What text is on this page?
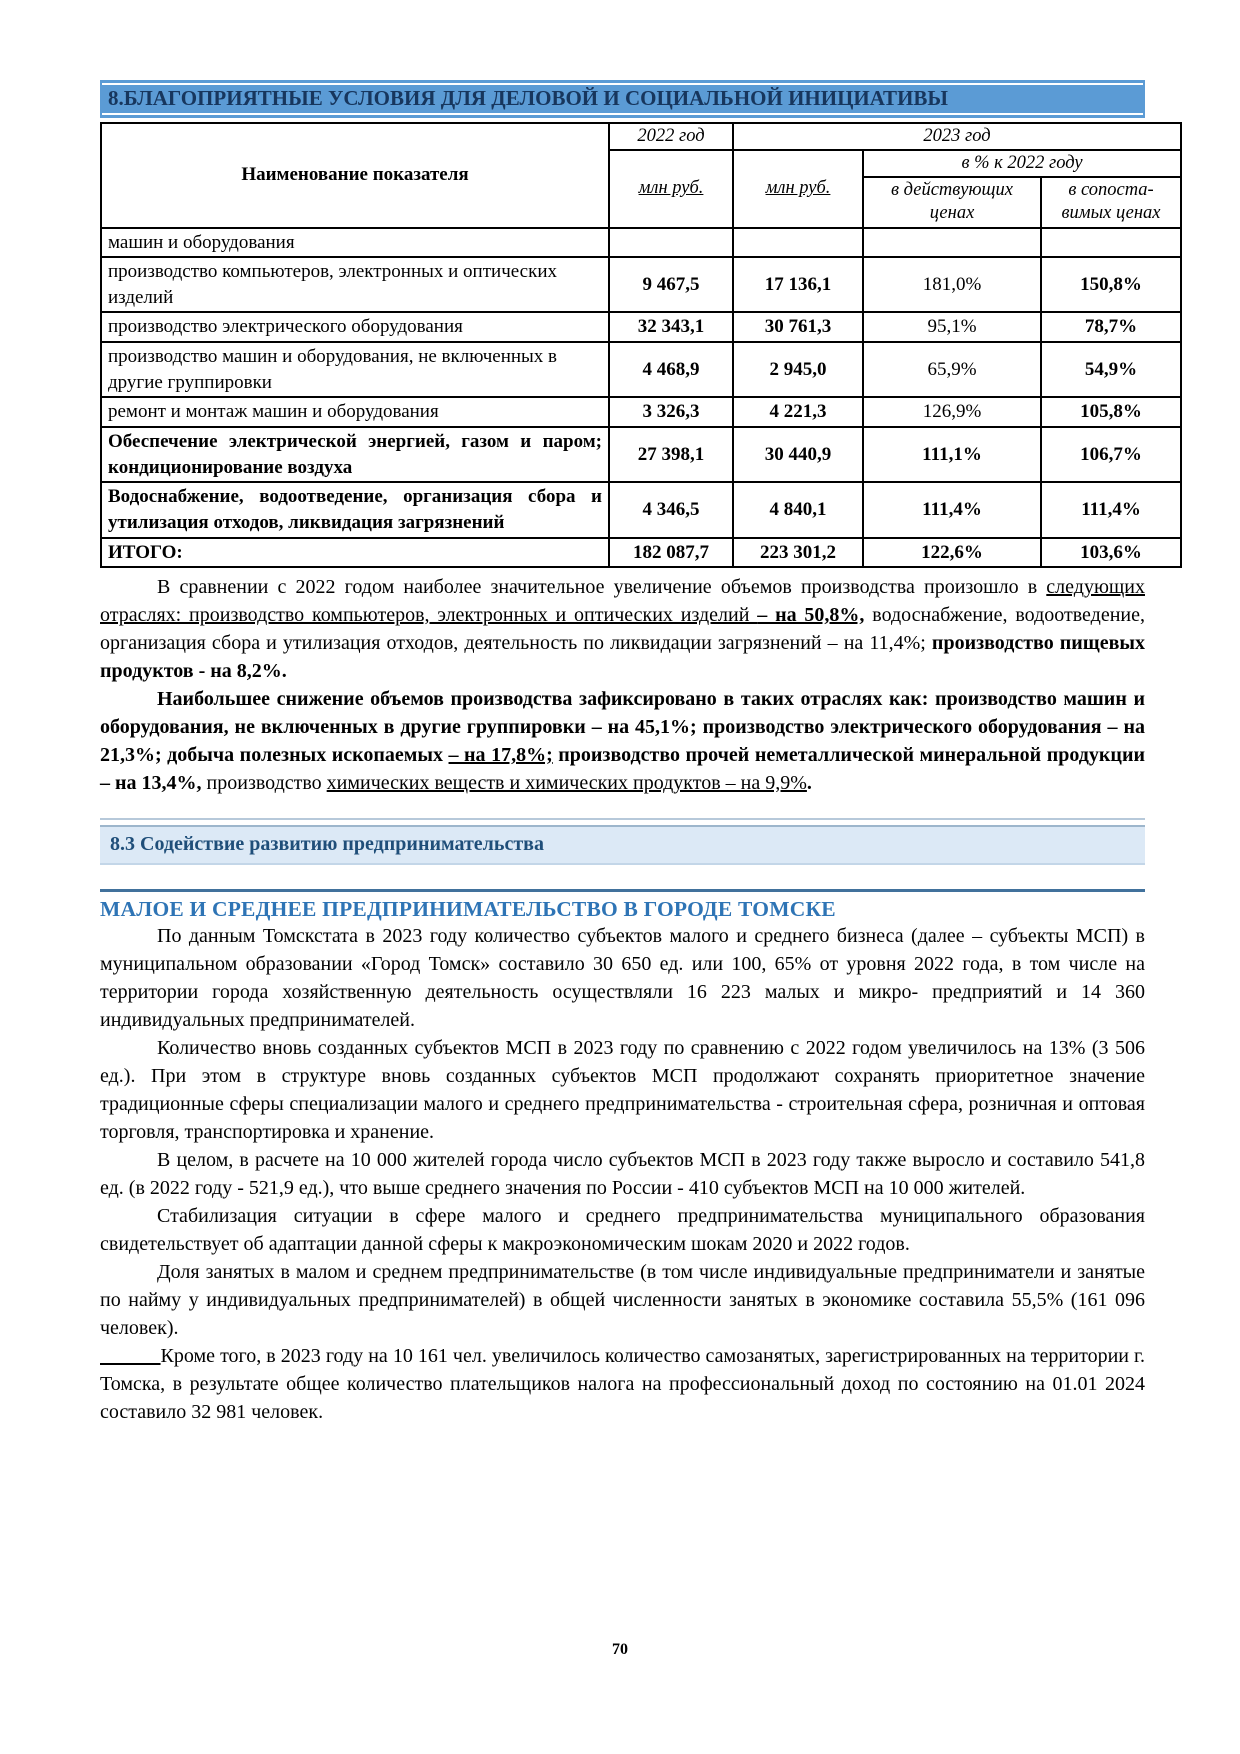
8.БЛАГОПРИЯТНЫЕ УСЛОВИЯ ДЛЯ ДЕЛОВОЙ И СОЦИАЛЬНОЙ ИНИЦИАТИВЫ
Наименование показателя	2022 год	2023 год		
	млн руб.	млн руб.	в % к 2022 году	
			в действующих ценах	в сопоста-вимых ценах
машин и оборудования				
производство компьютеров, электронных и оптических изделий	9 467,5	17 136,1	181,0%	150,8%
производство электрического оборудования	32 343,1	30 761,3	95,1%	78,7%
производство машин и оборудования, не включенных в другие группировки	4 468,9	2 945,0	65,9%	54,9%
ремонт и монтаж машин и оборудования	3 326,3	4 221,3	126,9%	105,8%
Обеспечение электрической энергией, газом и паром; кондиционирование воздуха	27 398,1	30 440,9	111,1%	106,7%
Водоснабжение, водоотведение, организация сбора и утилизация отходов, ликвидация загрязнений	4 346,5	4 840,1	111,4%	111,4%
ИТОГО:	182 087,7	223 301,2	122,6%	103,6%

В сравнении с 2022 годом наиболее значительное увеличение объемов производства произошло в следующих отраслях: производство компьютеров, электронных и оптических изделий – на 50,8%, водоснабжение, водоотведение, организация сбора и утилизация отходов, деятельность по ликвидации загрязнений – на 11,4%; производство пищевых продуктов - на 8,2%.

Наибольшее снижение объемов производства зафиксировано в таких отраслях как: производство машин и оборудования, не включенных в другие группировки – на 45,1%; производство электрического оборудования – на 21,3%; добыча полезных ископаемых – на 17,8%; производство прочей неметаллической минеральной продукции – на 13,4%, производство химических веществ и химических продуктов – на 9,9%.

8.3 Содействие развитию предпринимательства
МАЛОЕ И СРЕДНЕЕ ПРЕДПРИНИМАТЕЛЬСТВО В ГОРОДЕ ТОМСКЕ

По данным Томскстата в 2023 году количество субъектов малого и среднего бизнеса (далее – субъекты МСП) в муниципальном образовании «Город Томск» составило 30 650 ед. или 100, 65% от уровня 2022 года, в том числе на территории города хозяйственную деятельность осуществляли 16 223 малых и микро- предприятий и 14 360 индивидуальных предпринимателей.

Количество вновь созданных субъектов МСП в 2023 году по сравнению с 2022 годом увеличилось на 13% (3 506 ед.). При этом в структуре вновь созданных субъектов МСП продолжают сохранять приоритетное значение традиционные сферы специализации малого и среднего предпринимательства - строительная сфера, розничная и оптовая торговля, транспортировка и хранение.

В целом, в расчете на 10 000 жителей города число субъектов МСП в 2023 году также выросло и составило 541,8 ед. (в 2022 году - 521,9 ед.), что выше среднего значения по России - 410 субъектов МСП на 10 000 жителей.

Стабилизация ситуации в сфере малого и среднего предпринимательства муниципального образования свидетельствует об адаптации данной сферы к макроэкономическим шокам 2020 и 2022 годов.

Доля занятых в малом и среднем предпринимательстве (в том числе индивидуальные предприниматели и занятые по найму у индивидуальных предпринимателей) в общей численности занятых в экономике составила 55,5% (161 096 человек).

Кроме того, в 2023 году на 10 161 чел. увеличилось количество самозанятых, зарегистрированных на территории г. Томска, в результате общее количество плательщиков налога на профессиональный доход по состоянию на 01.01 2024 составило 32 981 человек.

70
